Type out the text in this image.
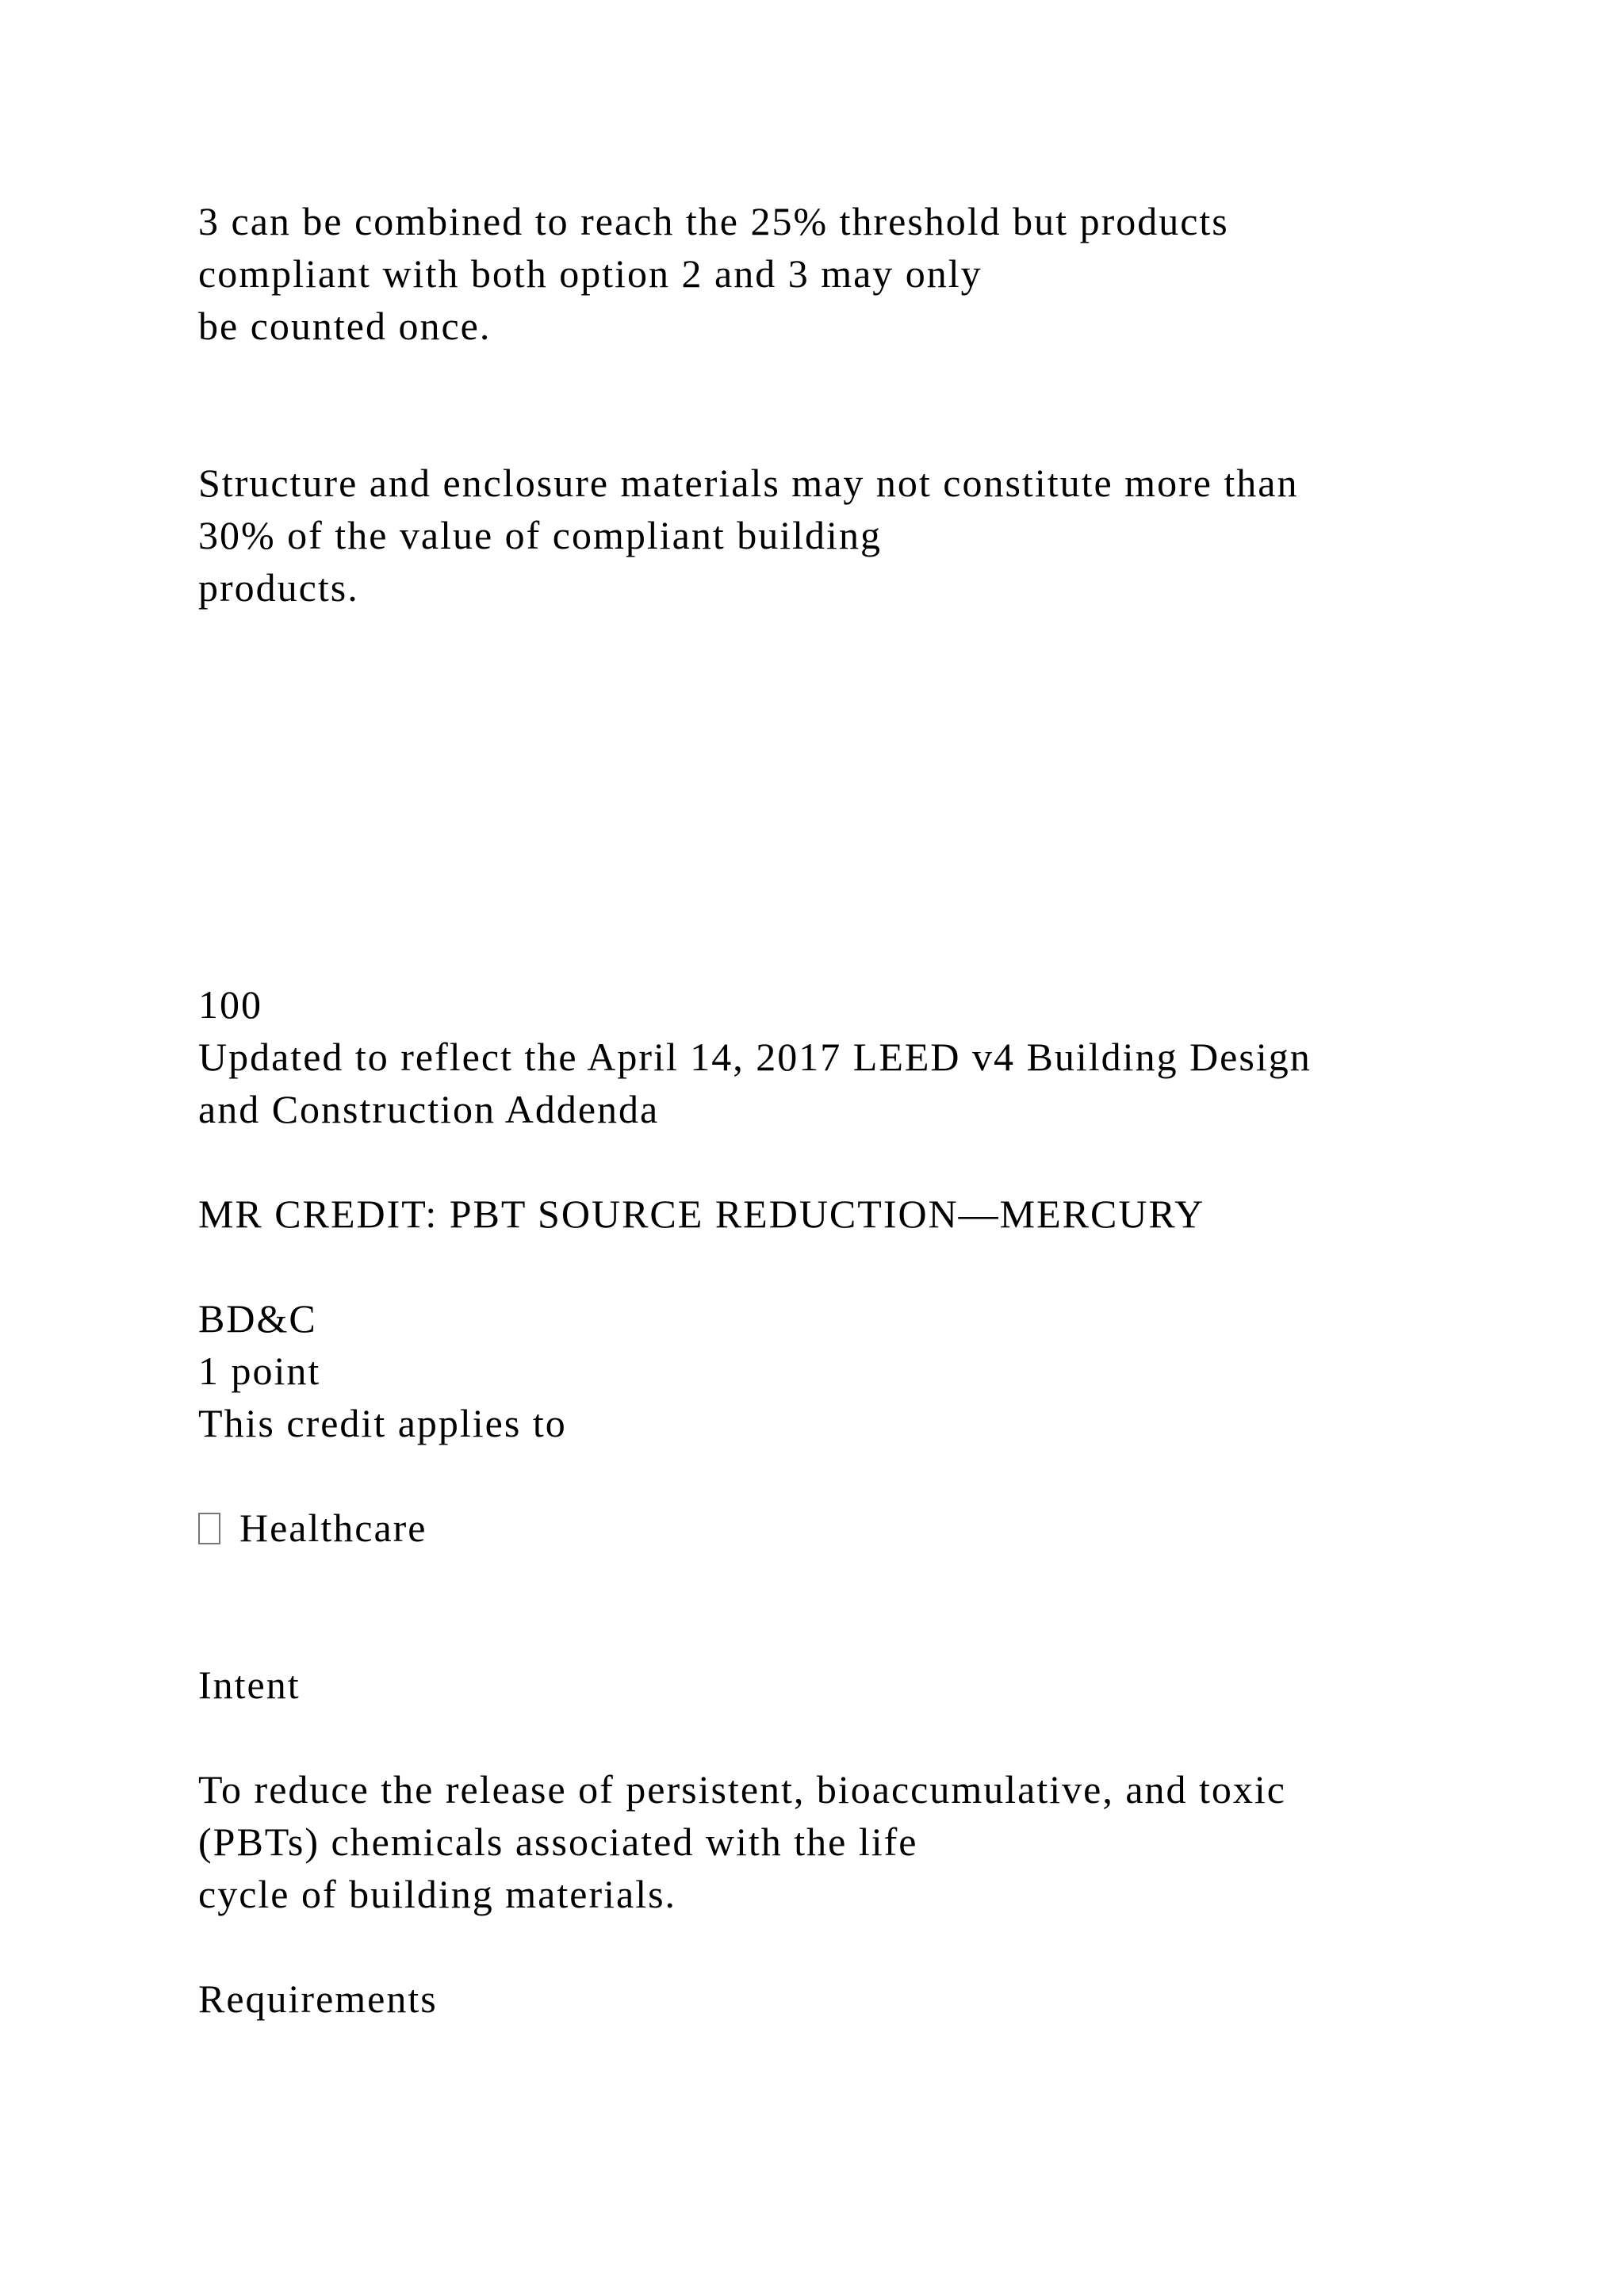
3 can be combined to reach the 25% threshold but products

compliant with both option 2 and 3 may only

be counted once.

Structure and enclosure materials may not constitute more than

30% of the value of compliant building

products.

100

Updated to reflect the April 14, 2017 LEED v4 Building Design

and Construction Addenda

MR CREDIT: PBT SOURCE REDUCTION—MERCURY

BD&C

1 point

This credit applies to

Healthcare

Intent

To reduce the release of persistent, bioaccumulative, and toxic

(PBTs) chemicals associated with the life

cycle of building materials.

Requirements
